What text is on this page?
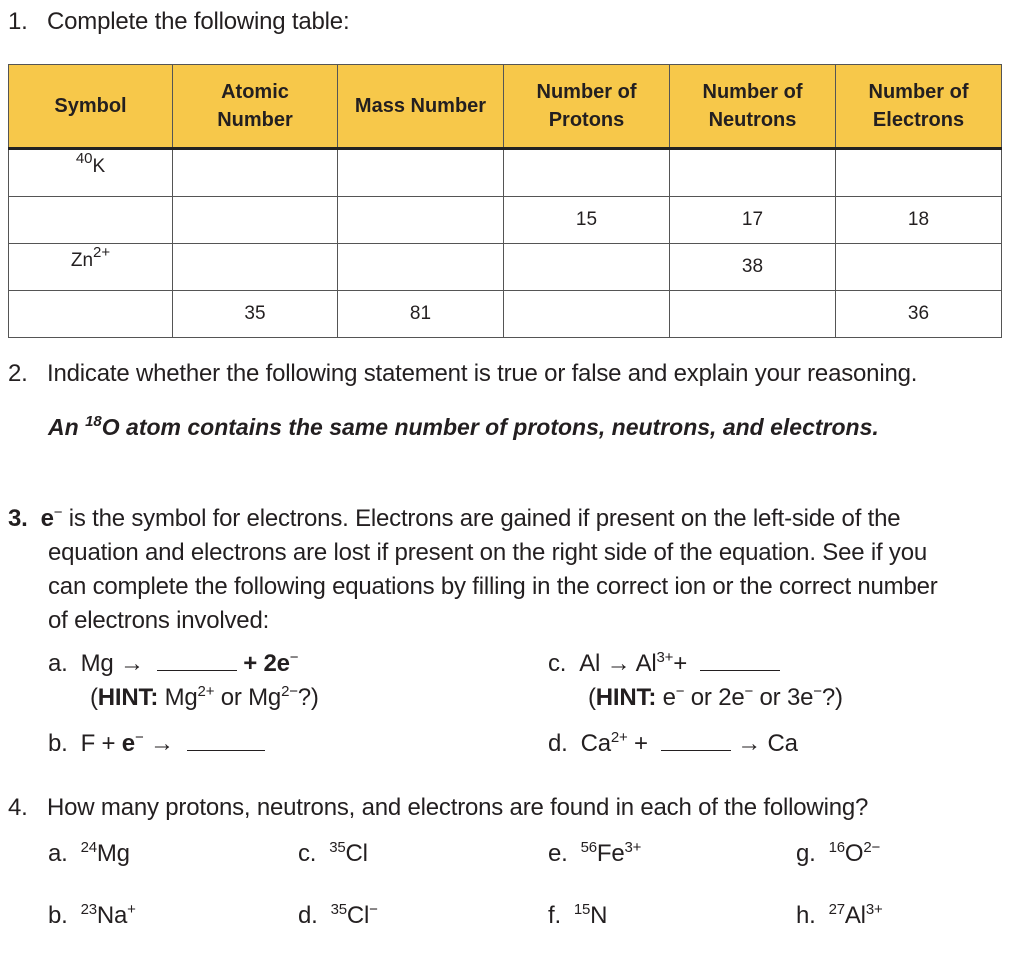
1. Complete the following table:
Symbol	Atomic Number	Mass Number	Number of Protons	Number of Neutrons	Number of Electrons

$^{40}$K					
			15	17	18
$Zn^{2+}$				38	
	35	81			36
2. Indicate whether the following statement is true or false and explain your reasoning.
An $^{18}$O atom contains the same number of protons, neutrons, and electrons.
3. e− is the symbol for electrons. Electrons are gained if present on the left-side of the
equation and electrons are lost if present on the right side of the equation. See if you
can complete the following equations by filling in the correct ion or the correct number
of electrons involved:
a. Mg →	+ 2e−
(HINT: $Mg^{2+}$ or $Mg^{2-}$?)
b. F + e− →
c. $Al \to Al^{3+}+$
(HINT: e− or 2e− or 3e−?)
d. $Ca^{2+}$ +	→ Ca
4. How many protons, neutrons, and electrons are found in each of the following?
a. $^{24}$Mg	c. $^{35}$Cl	e. $^{56}Fe^{3+}$	g. $^{16}O^{2-}$
b. $^{23}$Na+	d. $^{35}$Cl−	f. $^{15}$N	h. $^{27}Al^{3+}$
